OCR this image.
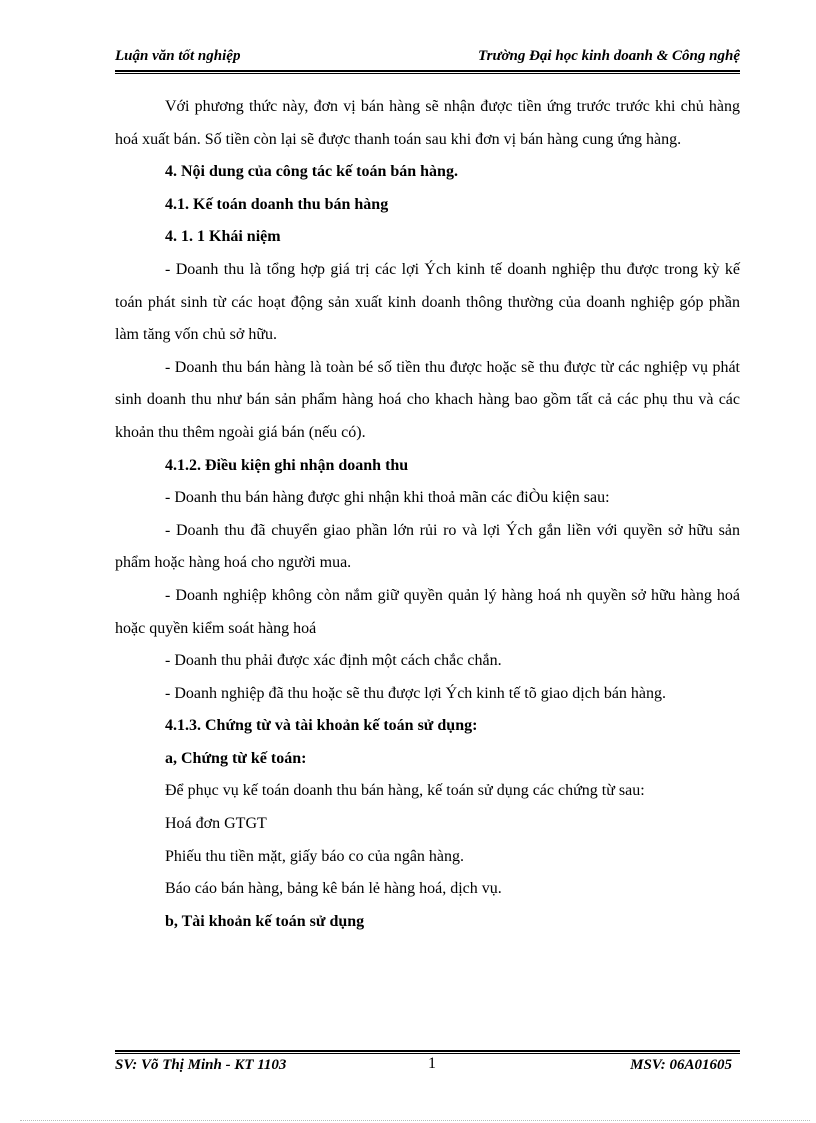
Luận văn tốt nghiệp	Trường Đại học kinh doanh & Công nghệ

Với phương thức này, đơn vị bán hàng sẽ nhận được tiền ứng trước trước khi chủ hàng hoá xuất bán. Số tiền còn lại sẽ được thanh toán sau khi đơn vị bán hàng cung ứng hàng.

4. Nội dung của công tác kế toán bán hàng.

4.1. Kế toán doanh thu bán hàng

4. 1. 1 Khái niệm

- Doanh thu là tổng hợp giá trị các lợi Ých kinh tế doanh nghiệp thu được trong kỳ kế toán phát sinh từ các hoạt động sản xuất kinh doanh thông thường của doanh nghiệp góp phần làm tăng vốn chủ sở hữu.

- Doanh thu bán hàng là toàn bé số tiền thu được hoặc sẽ thu được từ các nghiệp vụ phát sinh doanh thu như bán sản phẩm hàng hoá cho khach hàng bao gồm tất cả các phụ thu và các khoản thu thêm ngoài giá bán (nếu có).

4.1.2. Điều kiện ghi nhận doanh thu

- Doanh thu bán hàng được ghi nhận khi thoả mãn các điÒu kiện sau:

- Doanh thu đã chuyển giao phần lớn rủi ro và lợi Ých gắn liền với quyền sở hữu sản phẩm hoặc hàng hoá cho người mua.

- Doanh nghiệp không còn nắm giữ quyền quản lý hàng hoá nh quyền sở hữu hàng hoá hoặc quyền kiểm soát hàng hoá

- Doanh thu phải được xác định một cách chắc chắn.

- Doanh nghiệp đã thu hoặc sẽ thu được lợi Ých kinh tế tõ giao dịch bán hàng.

4.1.3. Chứng từ và tài khoản kế toán sử dụng:

a, Chứng từ kế toán:

Để phục vụ kế toán doanh thu bán hàng, kế toán sử dụng các chứng từ sau:

Hoá đơn GTGT

Phiếu thu tiền mặt, giấy báo co của ngân hàng.

Báo cáo bán hàng, bảng kê bán lẻ hàng hoá, dịch vụ.

b, Tài khoản kế toán sử dụng

SV: Võ Thị Minh - KT 1103	1	MSV: 06A01605
